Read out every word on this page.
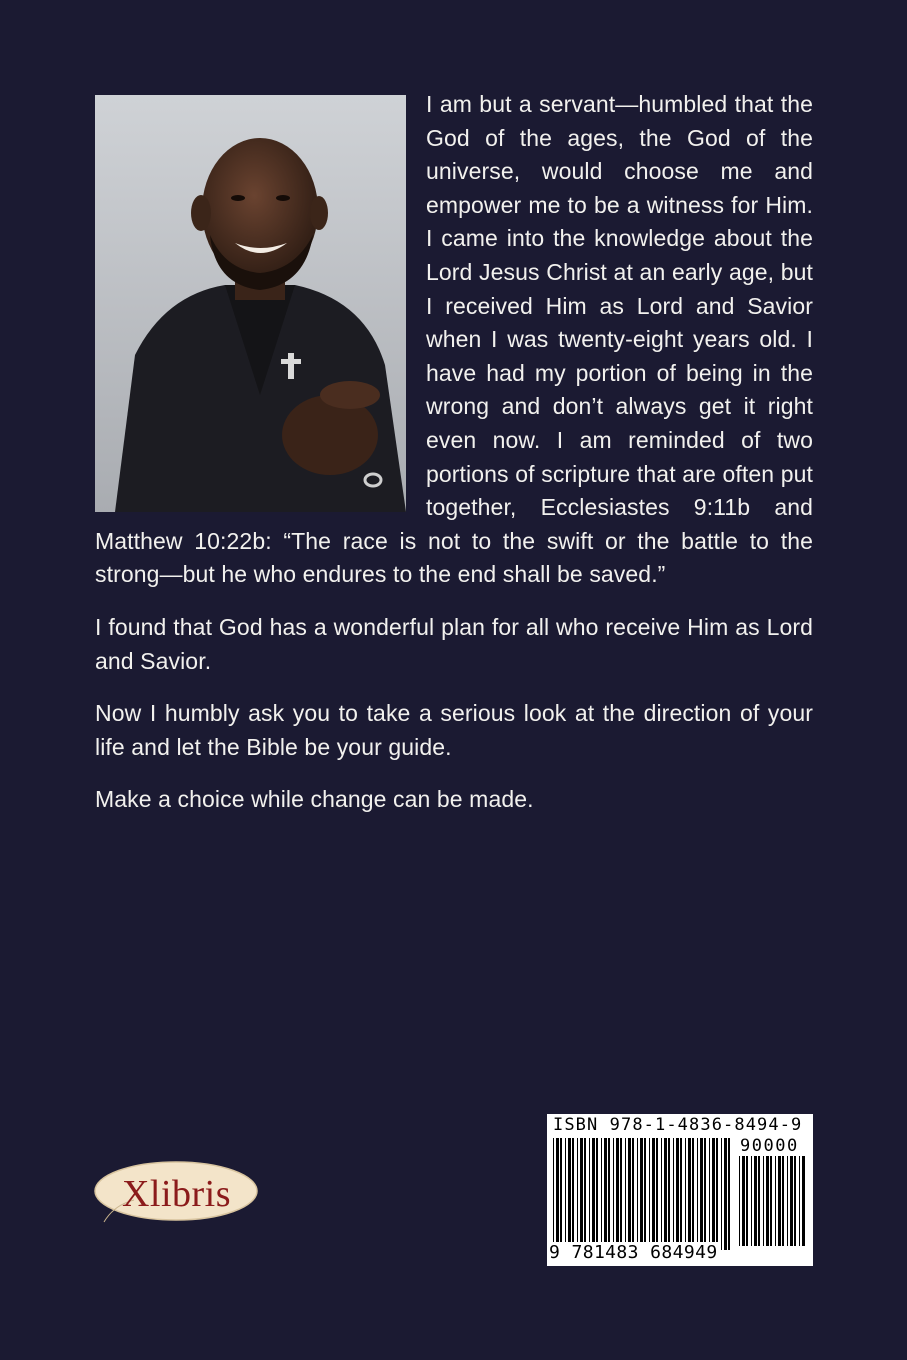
I am but a servant—humbled that the God of the ages, the God of the universe, would choose me and empower me to be a witness for Him. I came into the knowledge about the Lord Jesus Christ at an early age, but I received Him as Lord and Savior when I was twenty-eight years old. I have had my portion of being in the wrong and don’t always get it right even now. I am reminded of two portions of scripture that are often put together, Ecclesiastes 9:11b and Matthew 10:22b: “The race is not to the swift or the battle to the strong—but he who endures to the end shall be saved.”

I found that God has a wonderful plan for all who receive Him as Lord and Savior.

Now I humbly ask you to take a serious look at the direction of your life and let the Bible be your guide.

Make a choice while change can be made.

Xlibris
ISBN 978-1-4836-8494-9
90000
9 781483 684949
